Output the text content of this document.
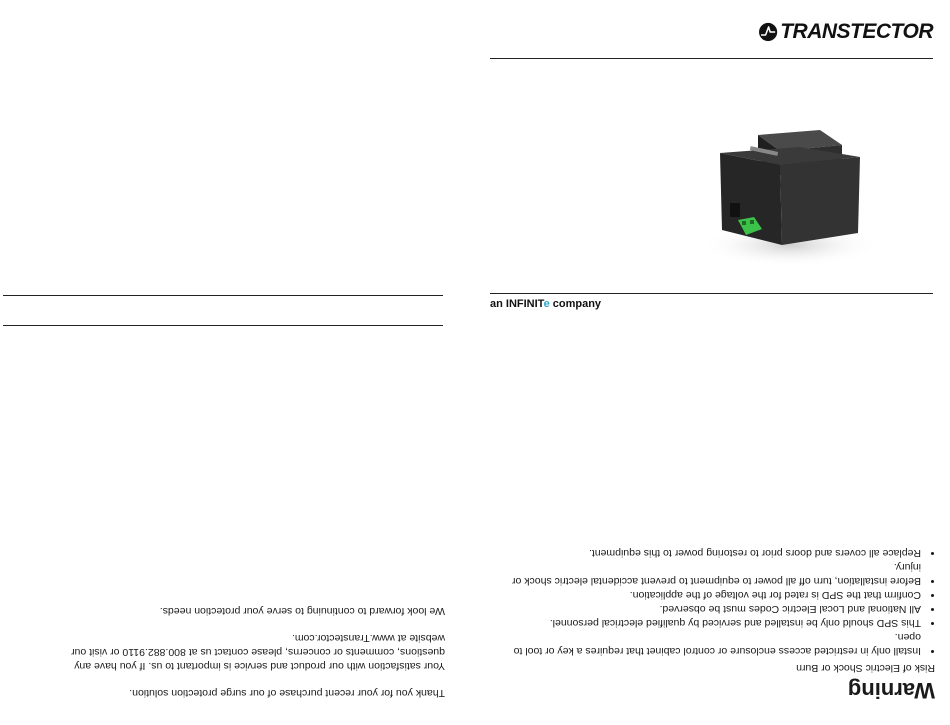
TRANSTECTOR
an INFINITe company

Thank you for your recent purchase of our surge protection solution.

Your satisfaction with our product and service is important to us. If you have any questions, comments or concerns, please contact us at 800.882.9110 or visit our website at www.Transtector.com.

We look forward to continuing to serve your protection needs.

Warning
Risk of Electric Shock or Burn
• Install only in restricted access enclosure or control cabinet that requires a key or tool to open.
• This SPD should only be installed and serviced by qualified electrical personnel.
• All National and Local Electric Codes must be observed.
• Confirm that the SPD is rated for the voltage of the application.
• Before installation, turn off all power to equipment to prevent accidental electric shock or injury.
• Replace all covers and doors prior to restoring power to this equipment.
